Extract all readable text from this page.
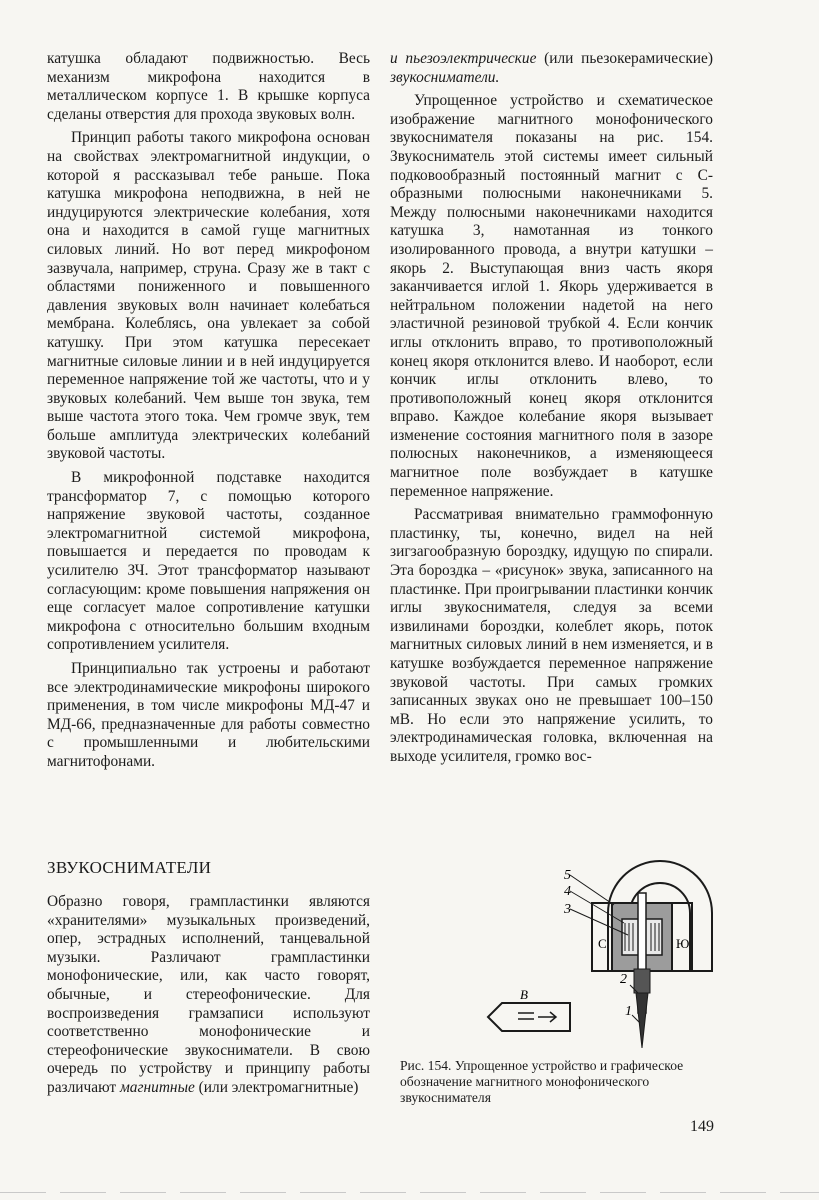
катушка обладают подвижностью. Весь механизм микрофона находится в металлическом корпусе 1. В крышке корпуса сделаны отверстия для прохода звуковых волн.

Принцип работы такого микрофона основан на свойствах электромагнитной индукции, о которой я рассказывал тебе раньше. Пока катушка микрофона неподвижна, в ней не индуцируются электрические колебания, хотя она и находится в самой гуще магнитных силовых линий. Но вот перед микрофоном зазвучала, например, струна. Сразу же в такт с областями пониженного и повышенного давления звуковых волн начинает колебаться мембрана. Колеблясь, она увлекает за собой катушку. При этом катушка пересекает магнитные силовые линии и в ней индуцируется переменное напряжение той же частоты, что и у звуковых колебаний. Чем выше тон звука, тем выше частота этого тока. Чем громче звук, тем больше амплитуда электрических колебаний звуковой частоты.

В микрофонной подставке находится трансформатор 7, с помощью которого напряжение звуковой частоты, созданное электромагнитной системой микрофона, повышается и передается по проводам к усилителю ЗЧ. Этот трансформатор называют согласующим: кроме повышения напряжения он еще согласует малое сопротивление катушки микрофона с относительно большим входным сопротивлением усилителя.

Принципиально так устроены и работают все электродинамические микрофоны широкого применения, в том числе микрофоны МД-47 и МД-66, предназначенные для работы совместно с промышленными и любительскими магнитофонами.

ЗВУКОСНИМАТЕЛИ

Образно говоря, грампластинки являются «хранителями» музыкальных произведений, опер, эстрадных исполнений, танцевальной музыки. Различают грампластинки монофонические, или, как часто говорят, обычные, и стереофонические. Для воспроизведения грамзаписи используют соответственно монофонические и стереофонические звукосниматели. В свою очередь по устройству и принципу работы различают магнитные (или электромагнитные)

и пьезоэлектрические (или пьезокерамические) звукосниматели.

Упрощенное устройство и схематическое изображение магнитного монофонического звукоснимателя показаны на рис. 154. Звукосниматель этой системы имеет сильный подковообразный постоянный магнит с С-образными полюсными наконечниками 5. Между полюсными наконечниками находится катушка 3, намотанная из тонкого изолированного провода, а внутри катушки – якорь 2. Выступающая вниз часть якоря заканчивается иглой 1. Якорь удерживается в нейтральном положении надетой на него эластичной резиновой трубкой 4. Если кончик иглы отклонить вправо, то противоположный конец якоря отклонится влево. И наоборот, если кончик иглы отклонить влево, то противоположный конец якоря отклонится вправо. Каждое колебание якоря вызывает изменение состояния магнитного поля в зазоре полюсных наконечников, а изменяющееся магнитное поле возбуждает в катушке переменное напряжение.

Рассматривая внимательно граммофонную пластинку, ты, конечно, видел на ней зигзагообразную бороздку, идущую по спирали. Эта бороздка – «рисунок» звука, записанного на пластинке. При проигрывании пластинки кончик иглы звукоснимателя, следуя за всеми извилинами бороздки, колеблет якорь, поток магнитных силовых линий в нем изменяется, и в катушке возбуждается переменное напряжение звуковой частоты. При самых громких записанных звуках оно не превышает 100–150 мВ. Но если это напряжение усилить, то электродинамическая головка, включенная на выходе усилителя, громко вос-

5
4
3
2
1
С	Ю
В
Рис. 154. Упрощенное устройство и графическое обозначение магнитного монофонического звукоснимателя
149
